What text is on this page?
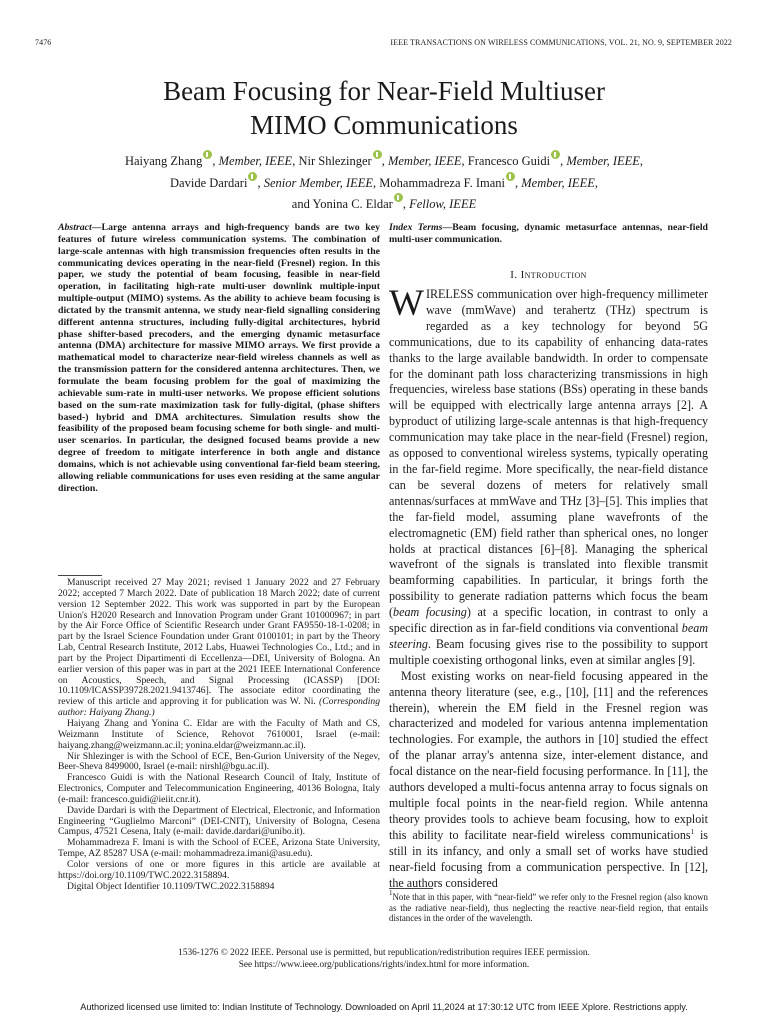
7476	IEEE TRANSACTIONS ON WIRELESS COMMUNICATIONS, VOL. 21, NO. 9, SEPTEMBER 2022
Beam Focusing for Near-Field Multiuser
MIMO Communications
Haiyang Zhang , Member, IEEE, Nir Shlezinger , Member, IEEE, Francesco Guidi , Member, IEEE,
Davide Dardari , Senior Member, IEEE, Mohammadreza F. Imani , Member, IEEE,
and Yonina C. Eldar , Fellow, IEEE
Abstract—Large antenna arrays and high-frequency bands are two key features of future wireless communication systems. The combination of large-scale antennas with high transmission frequencies often results in the communicating devices operating in the near-field (Fresnel) region. In this paper, we study the potential of beam focusing, feasible in near-field operation, in facilitating high-rate multi-user downlink multiple-input multiple-output (MIMO) systems. As the ability to achieve beam focusing is dictated by the transmit antenna, we study near-field signalling considering different antenna structures, including fully-digital architectures, hybrid phase shifter-based precoders, and the emerging dynamic metasurface antenna (DMA) architecture for massive MIMO arrays. We first provide a mathematical model to characterize near-field wireless channels as well as the transmission pattern for the considered antenna architectures. Then, we formulate the beam focusing problem for the goal of maximizing the achievable sum-rate in multi-user networks. We propose efficient solutions based on the sum-rate maximization task for fully-digital, (phase shifters based-) hybrid and DMA architectures. Simulation results show the feasibility of the proposed beam focusing scheme for both single- and multi-user scenarios. In particular, the designed focused beams provide a new degree of freedom to mitigate interference in both angle and distance domains, which is not achievable using conventional far-field beam steering, allowing reliable communications for uses even residing at the same angular direction.

Manuscript received 27 May 2021; revised 1 January 2022 and 27 February 2022; accepted 7 March 2022. Date of publication 18 March 2022; date of current version 12 September 2022. This work was supported in part by the European Union's H2020 Research and Innovation Program under Grant 101000967; in part by the Air Force Office of Scientific Research under Grant FA9550-18-1-0208; in part by the Israel Science Foundation under Grant 0100101; in part by the Theory Lab, Central Research Institute, 2012 Labs, Huawei Technologies Co., Ltd.; and in part by the Project Dipartimenti di Eccellenza—DEI, University of Bologna. An earlier version of this paper was in part at the 2021 IEEE International Conference on Acoustics, Speech, and Signal Processing (ICASSP) [DOI: 10.1109/ICASSP39728.2021.9413746]. The associate editor coordinating the review of this article and approving it for publication was W. Ni. (Corresponding author: Haiyang Zhang.)

Haiyang Zhang and Yonina C. Eldar are with the Faculty of Math and CS, Weizmann Institute of Science, Rehovot 7610001, Israel (e-mail: haiyang.zhang@weizmann.ac.il; yonina.eldar@weizmann.ac.il).

Nir Shlezinger is with the School of ECE, Ben-Gurion University of the Negev, Beer-Sheva 8499000, Israel (e-mail: nirshl@bgu.ac.il).

Francesco Guidi is with the National Research Council of Italy, Institute of Electronics, Computer and Telecommunication Engineering, 40136 Bologna, Italy (e-mail: francesco.guidi@ieiit.cnr.it).

Davide Dardari is with the Department of Electrical, Electronic, and Information Engineering “Guglielmo Marconi” (DEI-CNIT), University of Bologna, Cesena Campus, 47521 Cesena, Italy (e-mail: davide.dardari@unibo.it).

Mohammadreza F. Imani is with the School of ECEE, Arizona State University, Tempe, AZ 85287 USA (e-mail: mohammadreza.imani@asu.edu).

Color versions of one or more figures in this article are available at https://doi.org/10.1109/TWC.2022.3158894.

Digital Object Identifier 10.1109/TWC.2022.3158894

Index Terms—Beam focusing, dynamic metasurface antennas, near-field multi-user communication.
I. Introduction

WIRELESS communication over high-frequency millimeter wave (mmWave) and terahertz (THz) spectrum is regarded as a key technology for beyond 5G communications, due to its capability of enhancing data-rates thanks to the large available bandwidth. In order to compensate for the dominant path loss characterizing transmissions in high frequencies, wireless base stations (BSs) operating in these bands will be equipped with electrically large antenna arrays [2]. A byproduct of utilizing large-scale antennas is that high-frequency communication may take place in the near-field (Fresnel) region, as opposed to conventional wireless systems, typically operating in the far-field regime. More specifically, the near-field distance can be several dozens of meters for relatively small antennas/surfaces at mmWave and THz [3]–[5]. This implies that the far-field model, assuming plane wavefronts of the electromagnetic (EM) field rather than spherical ones, no longer holds at practical distances [6]–[8]. Managing the spherical wavefront of the signals is translated into flexible transmit beamforming capabilities. In particular, it brings forth the possibility to generate radiation patterns which focus the beam (beam focusing) at a specific location, in contrast to only a specific direction as in far-field conditions via conventional beam steering. Beam focusing gives rise to the possibility to support multiple coexisting orthogonal links, even at similar angles [9].

Most existing works on near-field focusing appeared in the antenna theory literature (see, e.g., [10], [11] and the references therein), wherein the EM field in the Fresnel region was characterized and modeled for various antenna implementation technologies. For example, the authors in [10] studied the effect of the planar array's antenna size, inter-element distance, and focal distance on the near-field focusing performance. In [11], the authors developed a multi-focus antenna array to focus signals on multiple focal points in the near-field region. While antenna theory provides tools to achieve beam focusing, how to exploit this ability to facilitate near-field wireless communications$^1$ is still in its infancy, and only a small set of works have studied near-field focusing from a communication perspective. In [12], the authors considered

$^1$Note that in this paper, with “near-field” we refer only to the Fresnel region (also known as the radiative near-field), thus neglecting the reactive near-field region, that entails distances in the order of the wavelength.
1536-1276 © 2022 IEEE. Personal use is permitted, but republication/redistribution requires IEEE permission.
See https://www.ieee.org/publications/rights/index.html for more information.
Authorized licensed use limited to: Indian Institute of Technology. Downloaded on April 11,2024 at 17:30:12 UTC from IEEE Xplore. Restrictions apply.
